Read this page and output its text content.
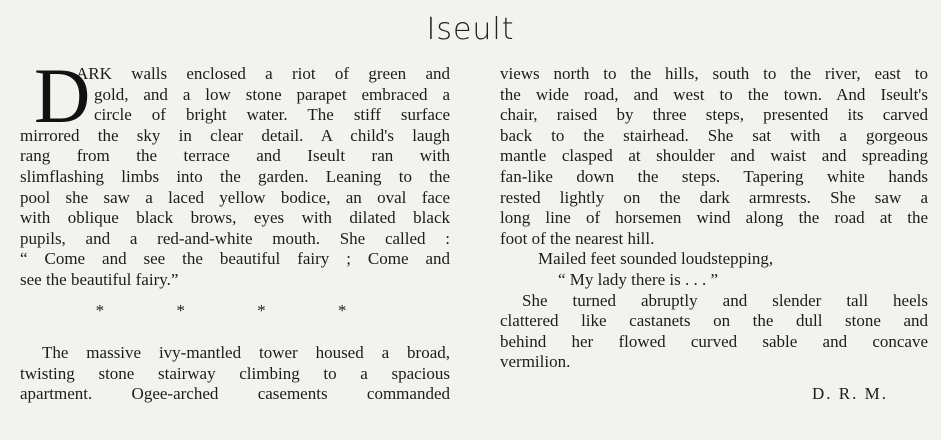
Iseult
D
ARK walls enclosed a riot of green and
gold, and a low stone parapet embraced a
circle of bright water. The stiff surface
mirrored the sky in clear detail. A child's laugh
rang from the terrace and Iseult ran with
slimflashing limbs into the garden. Leaning to the
pool she saw a laced yellow bodice, an oval face
with oblique black brows, eyes with dilated black
pupils, and a red-and-white mouth. She called :
“ Come and see the beautiful fairy ; Come and
see the beautiful fairy.”
* * * *
The massive ivy-mantled tower housed a broad,
twisting stone stairway climbing to a spacious
apartment. Ogee-arched casements commanded
views north to the hills, south to the river, east to
the wide road, and west to the town. And Iseult's
chair, raised by three steps, presented its carved
back to the stairhead. She sat with a gorgeous
mantle clasped at shoulder and waist and spreading
fan-like down the steps. Tapering white hands
rested lightly on the dark armrests. She saw a
long line of horsemen wind along the road at the
foot of the nearest hill.
Mailed feet sounded loudstepping,
“ My lady there is . . . ”
She turned abruptly and slender tall heels
clattered like castanets on the dull stone and
behind her flowed curved sable and concave
vermilion.
D. R. M.
